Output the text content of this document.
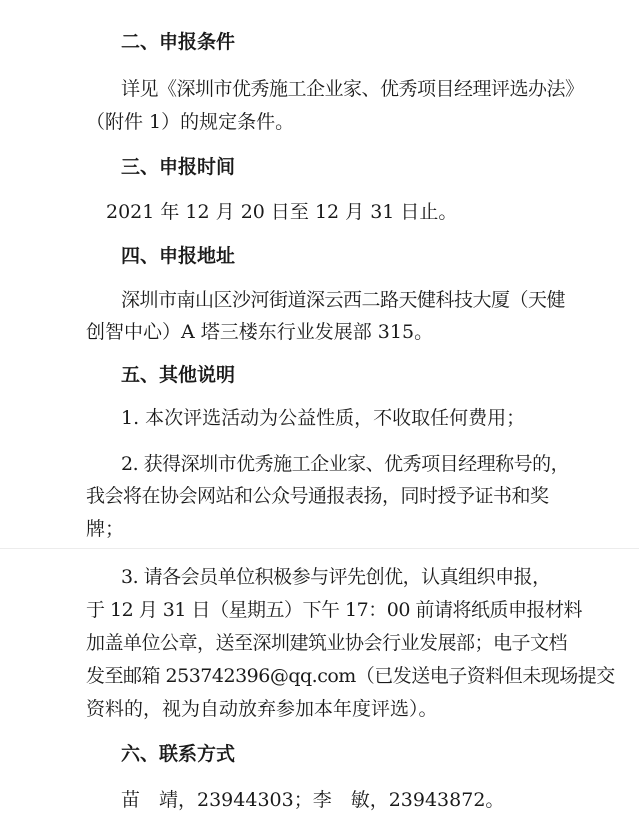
二、申报条件
详见《深圳市优秀施工企业家、优秀项目经理评选办法》
（附件 1）的规定条件。
三、申报时间
2021 年 12 月 20 日至 12 月 31 日止。
四、申报地址
深圳市南山区沙河街道深云西二路天健科技大厦（天健
创智中心）A 塔三楼东行业发展部 315。
五、其他说明
1. 本次评选活动为公益性质，不收取任何费用；
2. 获得深圳市优秀施工企业家、优秀项目经理称号的，
我会将在协会网站和公众号通报表扬，同时授予证书和奖
牌；
3. 请各会员单位积极参与评先创优，认真组织申报，
于 12 月 31 日（星期五）下午 17：00 前请将纸质申报材料
加盖单位公章，送至深圳建筑业协会行业发展部；电子文档
发至邮箱 253742396@qq.com（已发送电子资料但未现场提交
资料的，视为自动放弃参加本年度评选）。
六、联系方式
苗　靖，23944303；李　敏，23943872。
